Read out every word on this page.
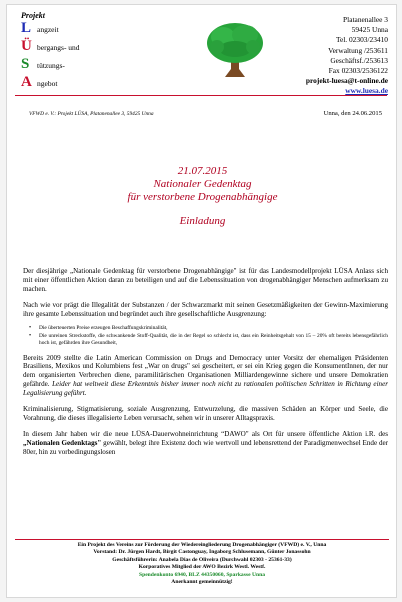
Projekt
L angzeit
Ü bergangs- und
S	tützungs-
A ngebot
Platanenallee 3
59425 Unna
Tel. 02303/23410
Verwaltung /253611
Geschäftsf./253613
Fax 02303/2536122
projekt-luesa@t-online.de
www.luesa.de
VFWD e. V.: Projekt LÜSA, Platanenallee 3, 59425 Unna	Unna, den 24.06.2015
21.07.2015
Nationaler Gedenktag
für verstorbene Drogenabhängige
Einladung

Der diesjährige „Nationale Gedenktag für verstorbene Drogenabhängige" ist für das Landesmodellprojekt LÜSA Anlass sich mit einer öffentlichen Aktion daran zu beteiligen und auf die Lebenssituation von drogenabhängiger Menschen aufmerksam zu machen.

Nach wie vor prägt die Illegalität der Substanzen / der Schwarzmarkt mit seinen Gesetzmäßigkeiten der Gewinn-Maximierung ihre gesamte Lebenssituation und begründet auch ihre gesellschaftliche Ausgrenzung:

• Die überteuerten Preise erzeugen Beschaffungskriminalität,
• Die unreinen Streckstoffe, die schwankende Stoff-Qualität, die in der Regel so schlecht ist, dass ein Reinheitsgehalt von 15 – 20% oft bereits lebensgefährlich hoch ist, gefährden ihre Gesundheit,

Bereits 2009 stellte die Latin American Commission on Drugs and Democracy unter Vorsitz der ehemaligen Präsidenten Brasiliens, Mexikos und Kolumbiens fest „War on drugs" sei gescheitert, er sei ein Krieg gegen die KonsumentInnen, der nur dem organisierten Verbrechen diene, paramilitärischen Organisationen Milliardengewinne sichere und unsere Demokratien gefährde. Leider hat weltweit diese Erkenntnis bisher immer noch nicht zu rationalen politischen Schritten in Richtung einer Legalisierung geführt.

Kriminalisierung, Stigmatisierung, soziale Ausgrenzung, Entwurzelung, die massiven Schäden an Körper und Seele, die Vorahnung, die dieses illegalisierte Leben verursacht, sehen wir in unserer Alltagspraxis.

In diesem Jahr haben wir die neue LÜSA-Dauerwohneinrichtung “DAWO" als Ort für unsere öffentliche Aktion i.R. des „Nationalen Gedenktags" gewählt, belegt ihre Existenz doch wie wertvoll und lebensrettend der Paradigmenwechsel Ende der 80er, hin zu vorbedingungslosen

Ein Projekt des Vereins zur Förderung der Wiedereingliederung Drogenabhängiger (VFWD) e. V., Unna
Vorstand: Dr. Jürgen Hardt, Birgit Castonguay, Ingaborg Schlusemann, Günter Jonassohn
Geschäftsführerin: Anabela Dias de Oliveira (Durchwahl 02303 - 25361-33)
Korporatives Mitglied der AWO Bezirk Westl. Westf.
Spendenkonto 6940, BLZ 44350060, Sparkasse Unna
Anerkannt gemeinnützig!
